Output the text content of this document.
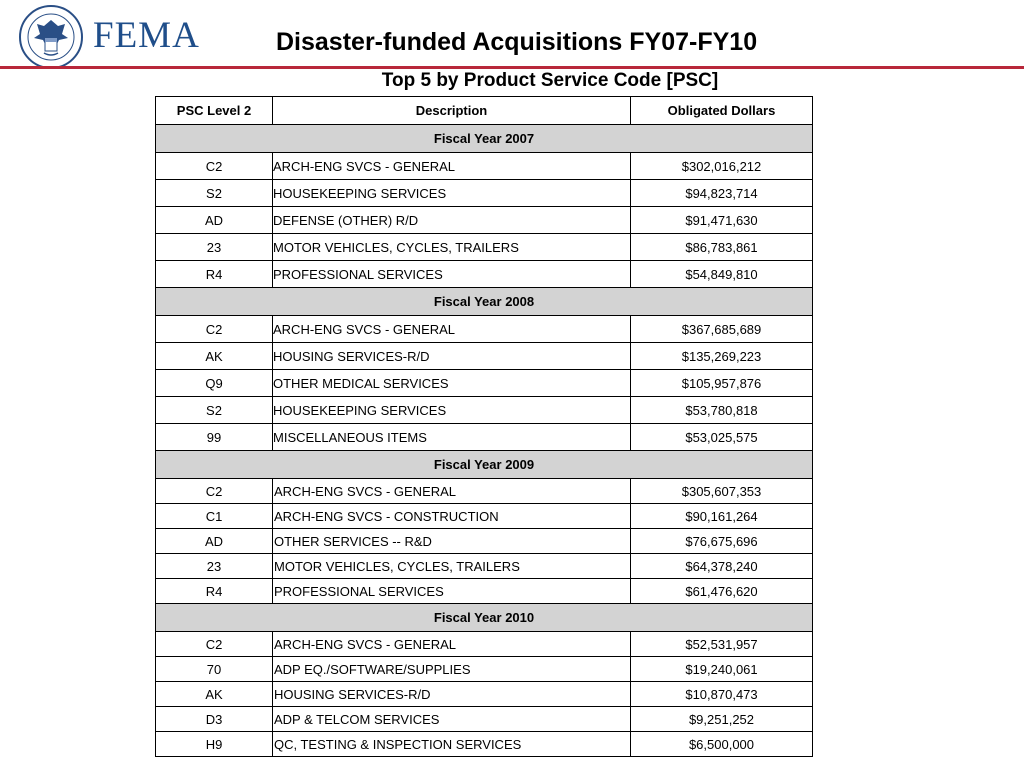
FEMA	Disaster-funded Acquisitions FY07-FY10
Top 5 by Product Service Code [PSC]
PSC Level 2	Description	Obligated Dollars
Fiscal Year 2007		
C2	ARCH-ENG SVCS - GENERAL	$302,016,212
S2	HOUSEKEEPING SERVICES	$94,823,714
AD	DEFENSE (OTHER) R/D	$91,471,630
23	MOTOR VEHICLES, CYCLES, TRAILERS	$86,783,861
R4	PROFESSIONAL SERVICES	$54,849,810
Fiscal Year 2008		
C2	ARCH-ENG SVCS - GENERAL	$367,685,689
AK	HOUSING SERVICES-R/D	$135,269,223
Q9	OTHER MEDICAL SERVICES	$105,957,876
S2	HOUSEKEEPING SERVICES	$53,780,818
99	MISCELLANEOUS ITEMS	$53,025,575
Fiscal Year 2009		
C2	ARCH-ENG SVCS - GENERAL	$305,607,353
C1	ARCH-ENG SVCS - CONSTRUCTION	$90,161,264
AD	OTHER SERVICES -- R&D	$76,675,696
23	MOTOR VEHICLES, CYCLES, TRAILERS	$64,378,240
R4	PROFESSIONAL SERVICES	$61,476,620
Fiscal Year 2010		
C2	ARCH-ENG SVCS - GENERAL	$52,531,957
70	ADP EQ./SOFTWARE/SUPPLIES	$19,240,061
AK	HOUSING SERVICES-R/D	$10,870,473
D3	ADP & TELCOM SERVICES	$9,251,252
H9	QC, TESTING & INSPECTION SERVICES	$6,500,000
